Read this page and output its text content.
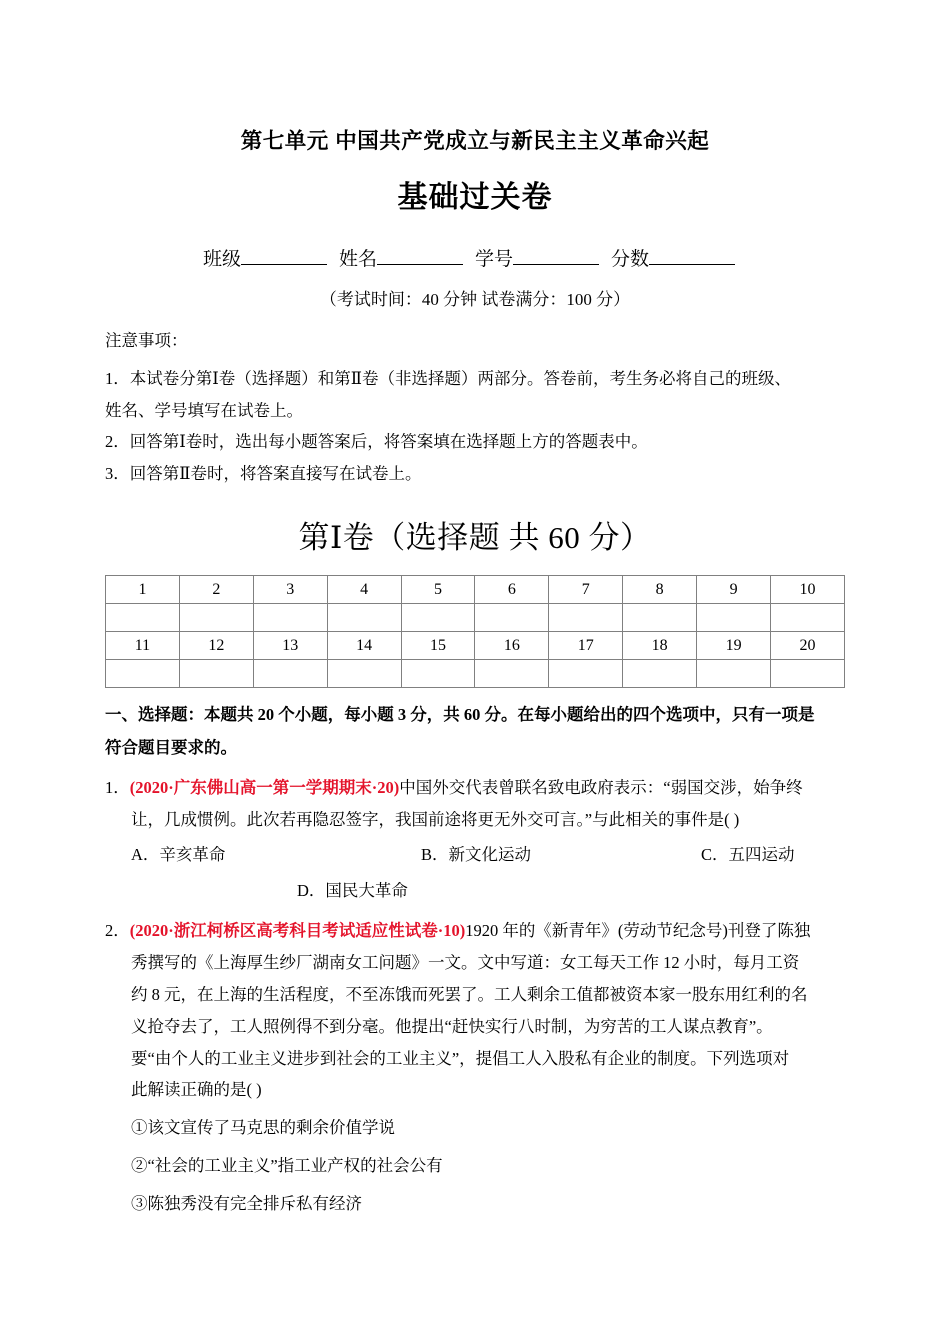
第七单元 中国共产党成立与新民主主义革命兴起
基础过关卷
班级	姓名	学号	分数
（考试时间：40 分钟 试卷满分：100 分）
注意事项：
1．本试卷分第Ⅰ卷（选择题）和第Ⅱ卷（非选择题）两部分。答卷前，考生务必将自己的班级、
姓名、学号填写在试卷上。
2．回答第Ⅰ卷时，选出每小题答案后，将答案填在选择题上方的答题表中。
3．回答第Ⅱ卷时，将答案直接写在试卷上。
第Ⅰ卷（选择题 共 60 分）
1	2	3	4	5	6	7	8	9	10

11	12	13	14	15	16	17	18	19	20

一、选择题：本题共 20 个小题，每小题 3 分，共 60 分。在每小题给出的四个选项中，只有一项是
符合题目要求的。
1．(2020·广东佛山高一第一学期期末·20)中国外交代表曾联名致电政府表示：“弱国交涉，始争终
让，几成惯例。此次若再隐忍签字，我国前途将更无外交可言。”与此相关的事件是( )
A．辛亥革命	B．新文化运动	C．五四运动
D．国民大革命
2．(2020·浙江柯桥区高考科目考试适应性试卷·10)1920 年的《新青年》(劳动节纪念号)刊登了陈独
秀撰写的《上海厚生纱厂湖南女工问题》一文。文中写道：女工每天工作 12 小时，每月工资
约 8 元，在上海的生活程度，不至冻饿而死罢了。工人剩余工值都被资本家一股东用红利的名
义抢夺去了，工人照例得不到分毫。他提出“赶快实行八时制，为穷苦的工人谋点教育”。
要“由个人的工业主义进步到社会的工业主义”，提倡工人入股私有企业的制度。下列选项对
此解读正确的是( )
①该文宣传了马克思的剩余价值学说
②“社会的工业主义”指工业产权的社会公有
③陈独秀没有完全排斥私有经济
